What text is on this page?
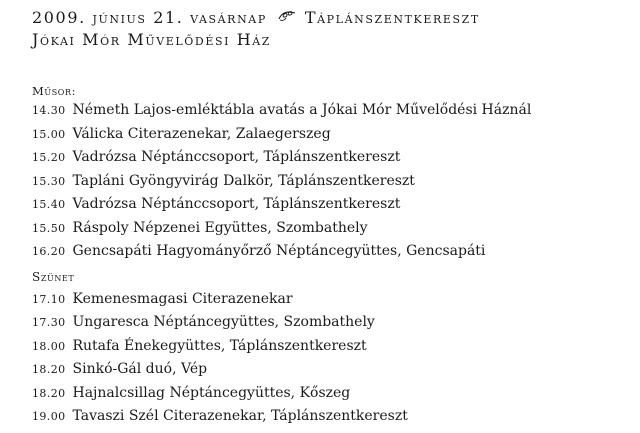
2009. június 21. vasárnap Táplánszentkereszt
Jókai Mór Művelődési Ház
Műsor:
14.30 Németh Lajos-emléktábla avatás a Jókai Mór Művelődési Háznál
15.00 Válicka Citerazenekar, Zalaegerszeg
15.20 Vadrózsa Néptánccsoport, Táplánszentkereszt
15.30 Tapláni Gyöngyvirág Dalkör, Táplánszentkereszt
15.40 Vadrózsa Néptánccsoport, Táplánszentkereszt
15.50 Ráspoly Népzenei Együttes, Szombathely
16.20 Gencsapáti Hagyományőrző Néptáncegyüttes, Gencsapáti
Szünet
17.10 Kemenesmagasi Citerazenekar
17.30 Ungaresca Néptáncegyüttes, Szombathely
18.00 Rutafa Énekegyüttes, Táplánszentkereszt
18.20 Sinkó-Gál duó, Vép
18.20 Hajnalcsillag Néptáncegyüttes, Kőszeg
19.00 Tavaszi Szél Citerazenekar, Táplánszentkereszt
